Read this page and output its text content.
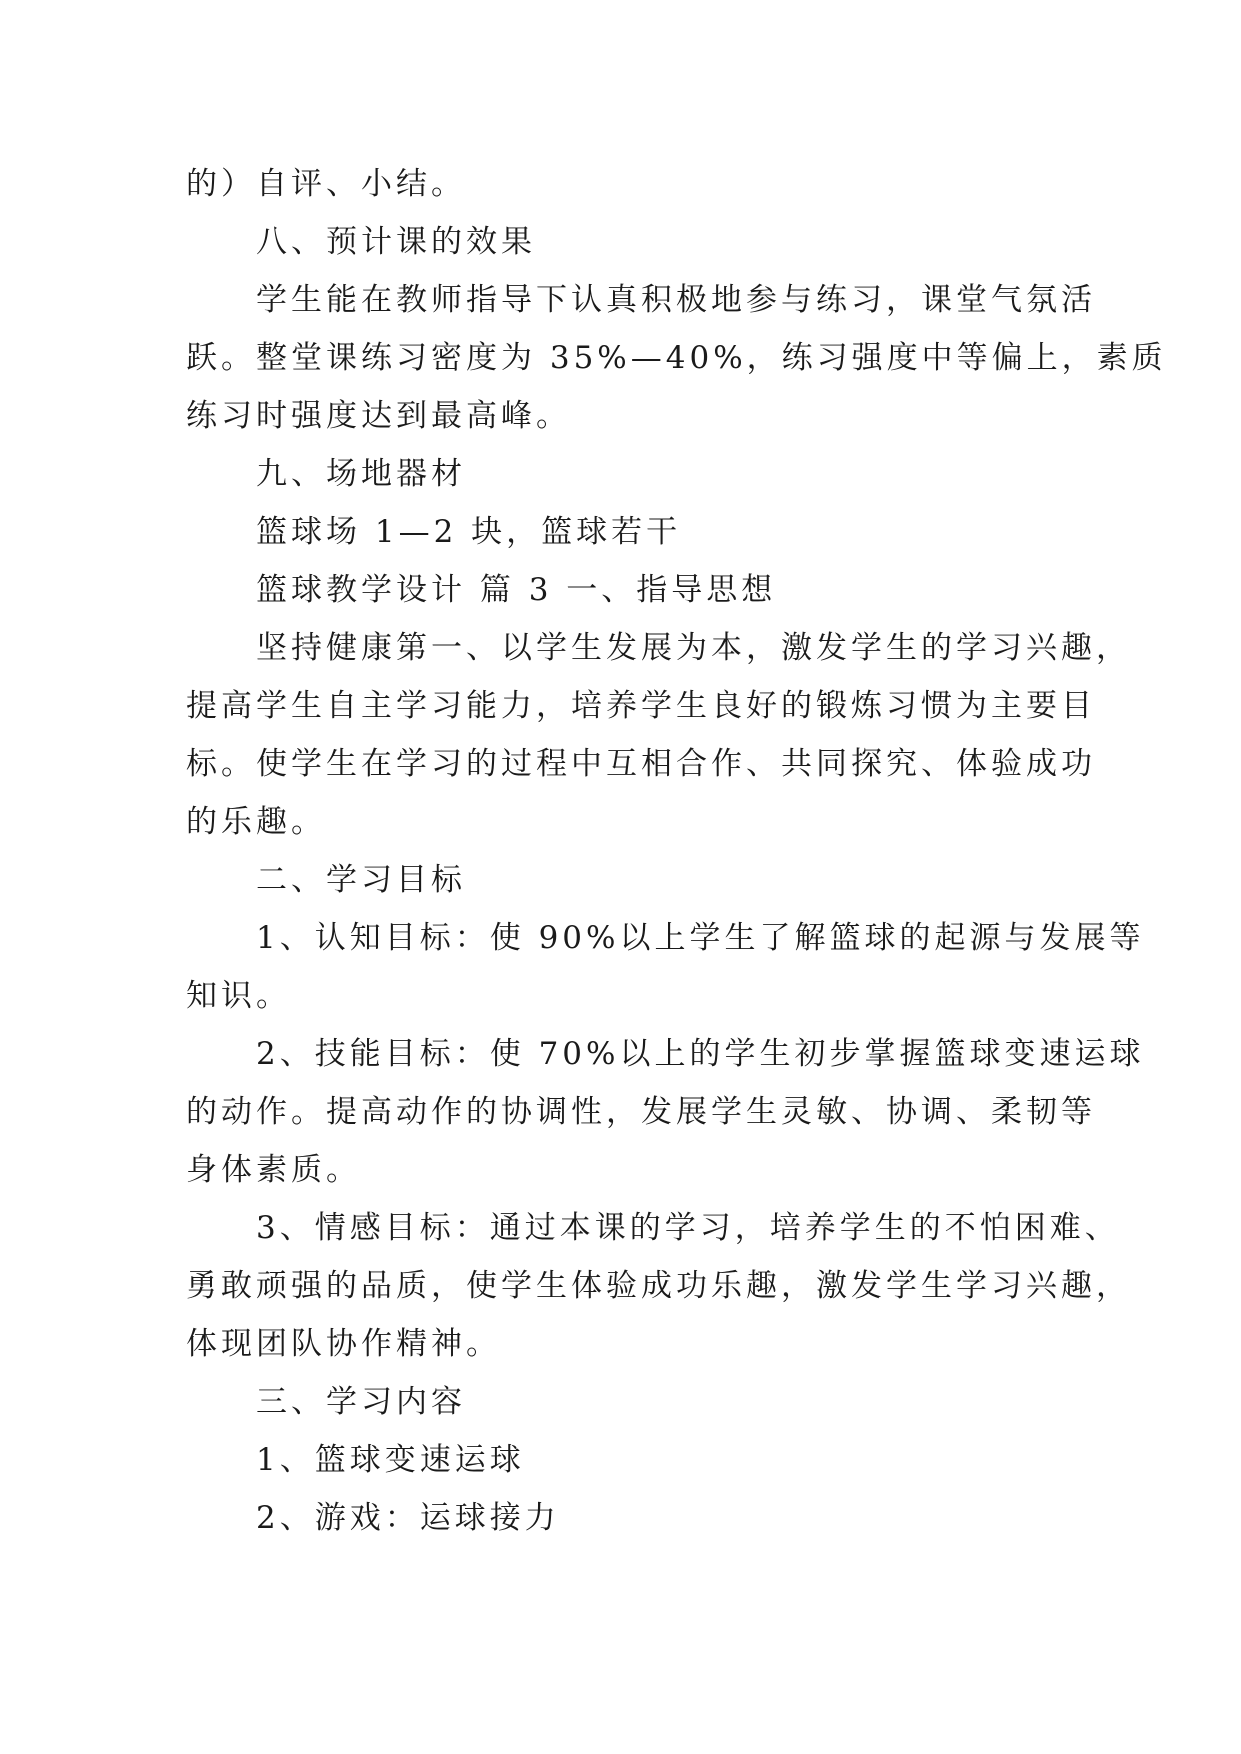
的）自评、小结。
八、预计课的效果
学生能在教师指导下认真积极地参与练习，课堂气氛活
跃。整堂课练习密度为 35%—40%，练习强度中等偏上，素质
练习时强度达到最高峰。
九、场地器材
篮球场 1—2 块，篮球若干
篮球教学设计 篇 3 一、指导思想
坚持健康第一、以学生发展为本，激发学生的学习兴趣，
提高学生自主学习能力，培养学生良好的锻炼习惯为主要目
标。使学生在学习的过程中互相合作、共同探究、体验成功
的乐趣。
二、学习目标
1、认知目标：使 90%以上学生了解篮球的起源与发展等
知识。
2、技能目标：使 70%以上的学生初步掌握篮球变速运球
的动作。提高动作的协调性，发展学生灵敏、协调、柔韧等
身体素质。
3、情感目标：通过本课的学习，培养学生的不怕困难、
勇敢顽强的品质，使学生体验成功乐趣，激发学生学习兴趣，
体现团队协作精神。
三、学习内容
1、篮球变速运球
2、游戏：运球接力
